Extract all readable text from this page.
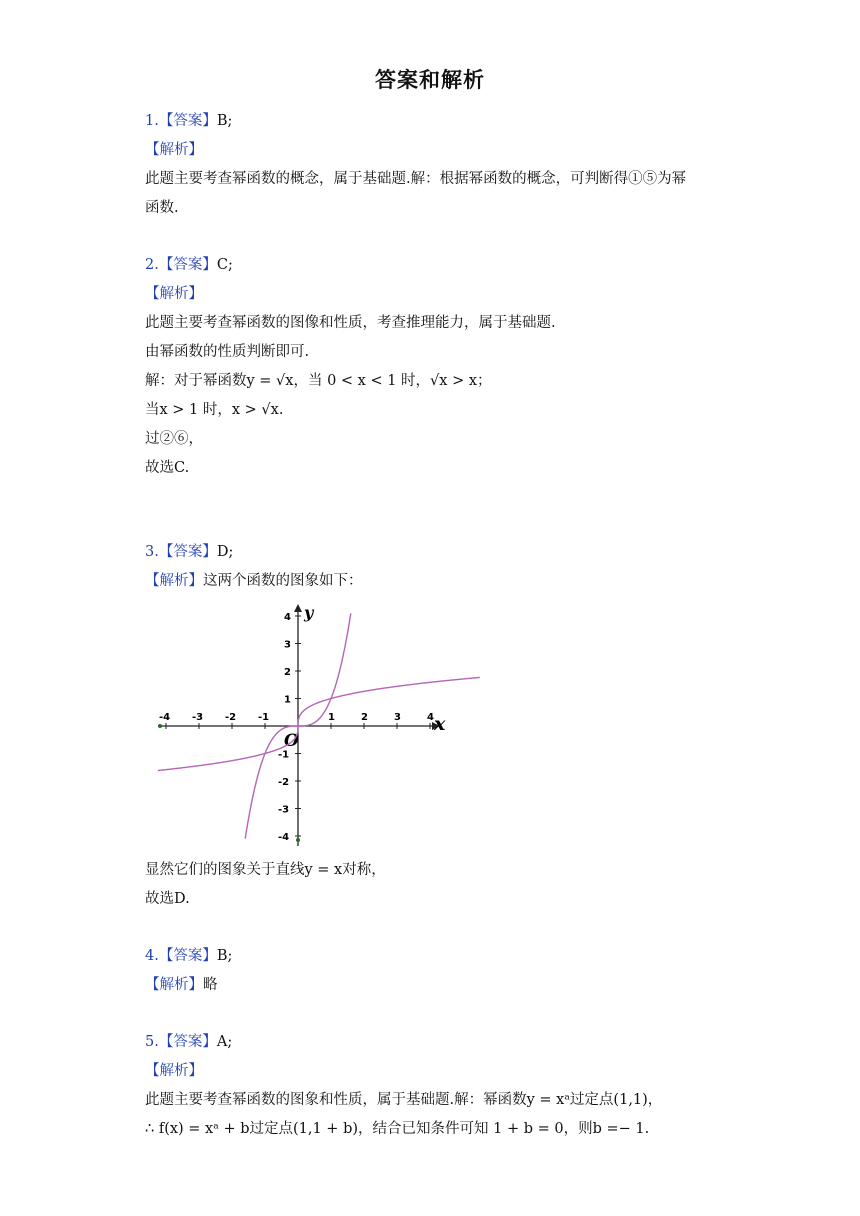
答案和解析
1.【答案】B;
【解析】
此题主要考查幂函数的概念，属于基础题.解：根据幂函数的概念，可判断得①⑤为幂
函数.
2.【答案】C;
【解析】
此题主要考查幂函数的图像和性质，考查推理能力，属于基础题.
由幂函数的性质判断即可.
解：对于幂函数y = √x，当 0 < x < 1 时，√x > x；
当x > 1 时，x > √x.
过②⑥，
故选C.
3.【答案】D;
【解析】这两个函数的图象如下：
-4 -3 -2 -1	1	2	3	4
4
3
2
1
-1
-2
-3
-4
x
y
O
显然它们的图象关于直线y = x对称，
故选D.
4.【答案】B;
【解析】略
5.【答案】A;
【解析】
此题主要考查幂函数的图象和性质，属于基础题.解：幂函数y = xᵃ过定点(1,1)，
∴ f(x) = xᵃ + b过定点(1,1 + b)，结合已知条件可知 1 + b = 0，则b =− 1.
